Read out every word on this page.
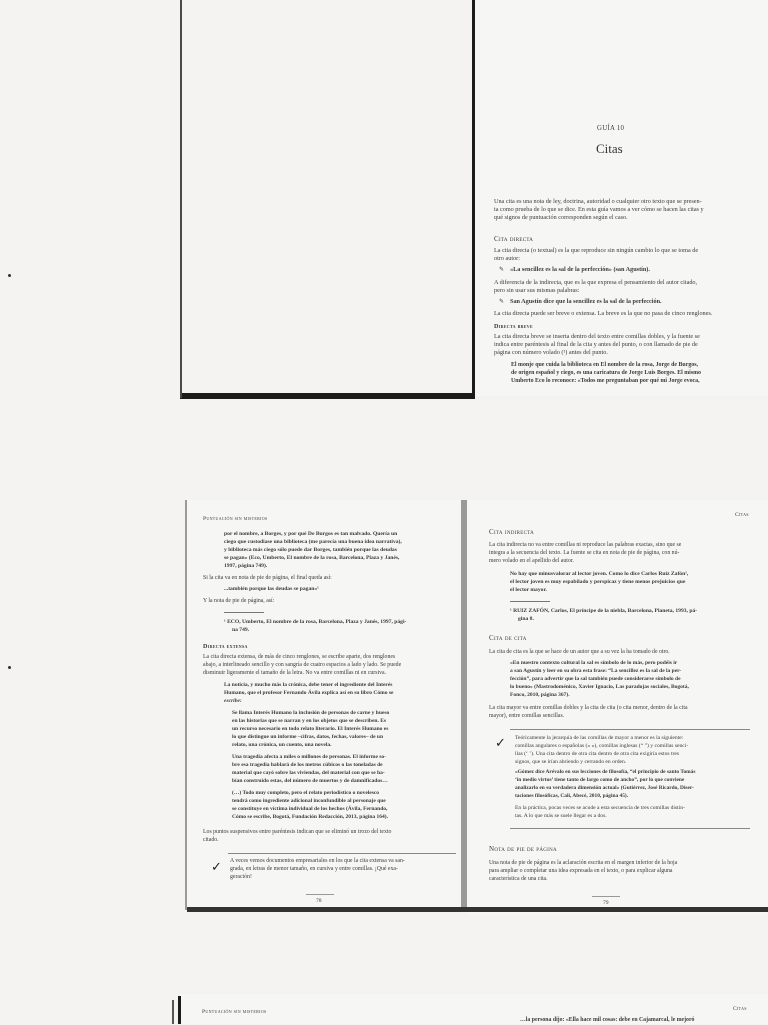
GUÍA 10
Citas
Una cita es una nota de ley, doctrina, autoridad o cualquier otro texto que se presen-
ta como prueba de lo que se dice. En esta guía vamos a ver cómo se hacen las citas y
qué signos de puntuación corresponden según el caso.
Cita directa
La cita directa (o textual) es la que reproduce sin ningún cambio lo que se toma de
otro autor:
«La sencillez es la sal de la perfección» (san Agustín).
✎
A diferencia de la indirecta, que es la que expresa el pensamiento del autor citado,
pero sin usar sus mismas palabras:
✎ San Agustín dice que la sencillez es la sal de la perfección.
La cita directa puede ser breve o extensa. La breve es la que no pasa de cinco renglones.
Directa breve
La cita directa breve se inserta dentro del texto entre comillas dobles, y la fuente se
indica entre paréntesis al final de la cita y antes del punto, o con llamado de pie de
página con número volado (¹) antes del punto.
El monje que cuida la biblioteca en El nombre de la rosa, Jorge de Burgos,
de origen español y ciego, es una caricatura de Jorge Luis Borges. El mismo
Umberto Eco lo reconoce: «Todos me preguntaban por qué mi Jorge evoca,
Puntuación sin misterios
por el nombre, a Borges, y por qué De Burgos es tan malvado. Quería un
ciego que custodiase una biblioteca (me parecía una buena idea narrativa),
y biblioteca más ciego sólo puede dar Borges, también porque las deudas
se pagan» (Eco, Umberto, El nombre de la rosa, Barcelona, Plaza y Janés,
1997, página 749).
Si la cita va en nota de pie de página, el final queda así:
...también porque las deudas se pagan»¹
Y la nota de pie de página, así:
¹ ECO, Umberto, El nombre de la rosa, Barcelona, Plaza y Janés, 1997, pági-
na 749.
Directa extensa
La cita directa extensa, de más de cinco renglones, se escribe aparte, dos renglones
abajo, a interlineado sencillo y con sangría de cuatro espacios a lado y lado. Se puede
disminuir ligeramente el tamaño de la letra. No va entre comillas ni en cursiva.
La noticia, y mucho más la crónica, debe tener el ingrediente del Interés
Humano, que el profesor Fernando Ávila explica así en su libro Cómo se
escribe:
Se llama Interés Humano la inclusión de personas de carne y hueso
en las historias que se narran y en los objetos que se describen. Es
un recurso necesario en todo relato literario. El Interés Humano es
lo que distingue un informe –cifras, datos, fechas, valores– de un
relato, una crónica, un cuento, una novela.
Una tragedia afecta a miles o millones de personas. El informe so-
bre esa tragedia hablará de los metros cúbicos o las toneladas de
material que cayó sobre las viviendas, del material con que se ha-
bían construido estas, del número de muertos y de damnificados…
(…) Todo muy completo, pero el relato periodístico o novelesco
tendrá como ingrediente adicional inconfundible al personaje que
se constituye en víctima individual de los hechos (Ávila, Fernando,
Cómo se escribe, Bogotá, Fundación Redacción, 2013, página 164).
Los puntos suspensivos entre paréntesis indican que se eliminó un trozo del texto
citado.
✓ A veces vemos documentos empresariales en los que la cita extensa va san-
grada, en letras de menor tamaño, en cursiva y entre comillas. ¡Qué exa-
geración!
78
Citas
Cita indirecta
La cita indirecta no va entre comillas ni reproduce las palabras exactas, sino que se
integra a la secuencia del texto. La fuente se cita en nota de pie de página, con nú-
mero volado en el apellido del autor.
No hay que minusvalorar al lector joven. Como lo dice Carlos Ruiz Zafón¹,
el lector joven es muy espabilado y perspicaz y tiene menos prejuicios que
el lector mayor.
¹ RUIZ ZAFÓN, Carlos, El príncipe de la niebla, Barcelona, Planeta, 1993, pá-
gina 8.
Cita de cita
La cita de cita es la que se hace de un autor que a su vez la ha tomado de otro.
«En nuestro contexto cultural la sal es símbolo de lo más, pero podéis ir
a san Agustín y leer en su obra esta frase: “La sencillez es la sal de la per-
fección”, para advertir que la sal también puede considerarse símbolo de
lo bueno» (Mastrodoménico, Xavier Ignacio, Las paradojas sociales, Bogotá,
Fonco, 2010, página 367).
La cita mayor va entre comillas dobles y la cita de cita (o cita menor, dentro de la cita
mayor), entre comillas sencillas.
✓ Teóricamente la jerarquía de las comillas de mayor a menor es la siguiente:
comillas angulares o españolas (« »), comillas inglesas (“ ”) y comillas senci-
llas (‘ ’). Una cita dentro de otra cita dentro de otra cita exigiría estos tres
signos, que se irían abriendo y cerrando en orden.
«Gómez dice Arévalo en sus lecciones de filosofía, “el principio de santo Tomás
‘in medio virtus’ tiene tanto de largo como de ancho”, por lo que conviene
analizarlo en su verdadera dimensión actual» (Gutiérrez, José Ricardo, Diser-
taciones filosóficas, Cali, Abecé, 2010, página 45).
En la práctica, pocas veces se acude a esta secuencia de tres comillas distin-
tas. A lo que más se suele llegar es a dos.
Nota de pie de página
Una nota de pie de página es la aclaración escrita en el margen inferior de la hoja
para ampliar o completar una idea expresada en el texto, o para explicar alguna
característica de una cita.
79
Puntuación sin misterios	Citas
…la persona dijo: «Ella hace mil cosas: debe en Cajamarcal, le mejoró
